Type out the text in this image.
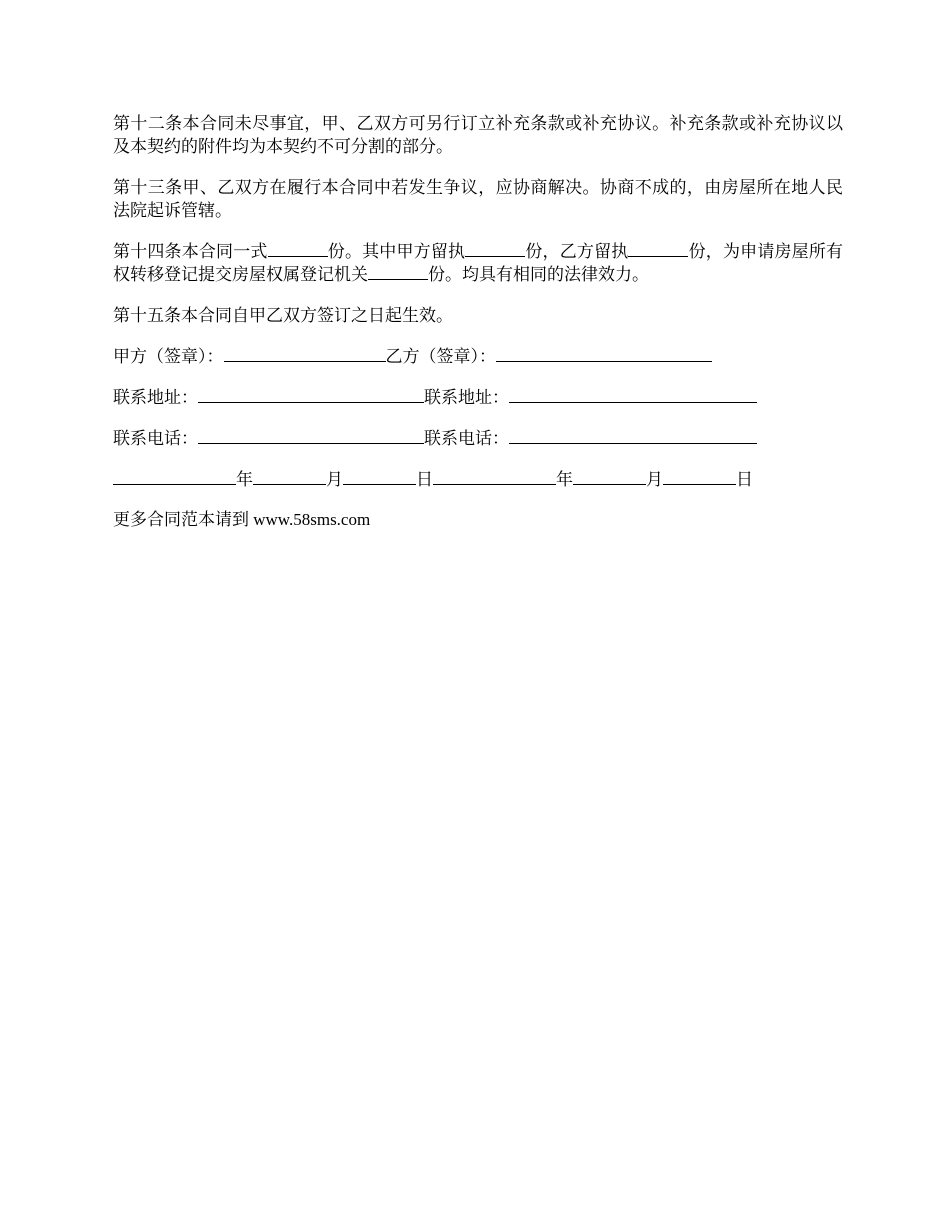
第十二条本合同未尽事宜，甲、乙双方可另行订立补充条款或补充协议。补充条款或补充协议以及本契约的附件均为本契约不可分割的部分。

第十三条甲、乙双方在履行本合同中若发生争议，应协商解决。协商不成的，由房屋所在地人民法院起诉管辖。

第十四条本合同一式	份。其中甲方留执	份，乙方留执	份，为申请房屋所有权转移登记提交房屋权属登记机关	份。均具有相同的法律效力。

第十五条本合同自甲乙双方签订之日起生效。

甲方（签章）：	乙方（签章）：
联系地址：	联系地址：
联系电话：	联系电话：
年	月	日	年	月	日
更多合同范本请到 www.58sms.com
